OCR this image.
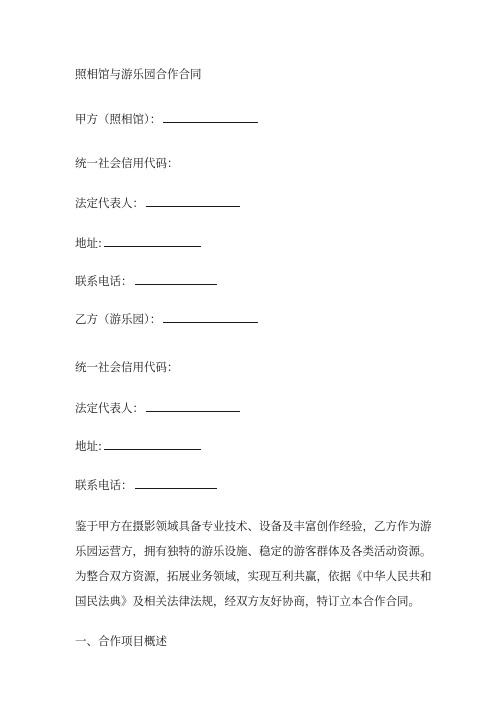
照相馆与游乐园合作合同
甲方（照相馆）：
统一社会信用代码：
法定代表人：
地址:
联系电话：
乙方（游乐园）：
统一社会信用代码：
法定代表人：
地址:
联系电话：
鉴于甲方在摄影领域具备专业技术、设备及丰富创作经验，乙方作为游
乐园运营方，拥有独特的游乐设施、稳定的游客群体及各类活动资源。
为整合双方资源，拓展业务领域，实现互利共赢，依据《中华人民共和
国民法典》及相关法律法规，经双方友好协商，特订立本合作合同。
一、合作项目概述
